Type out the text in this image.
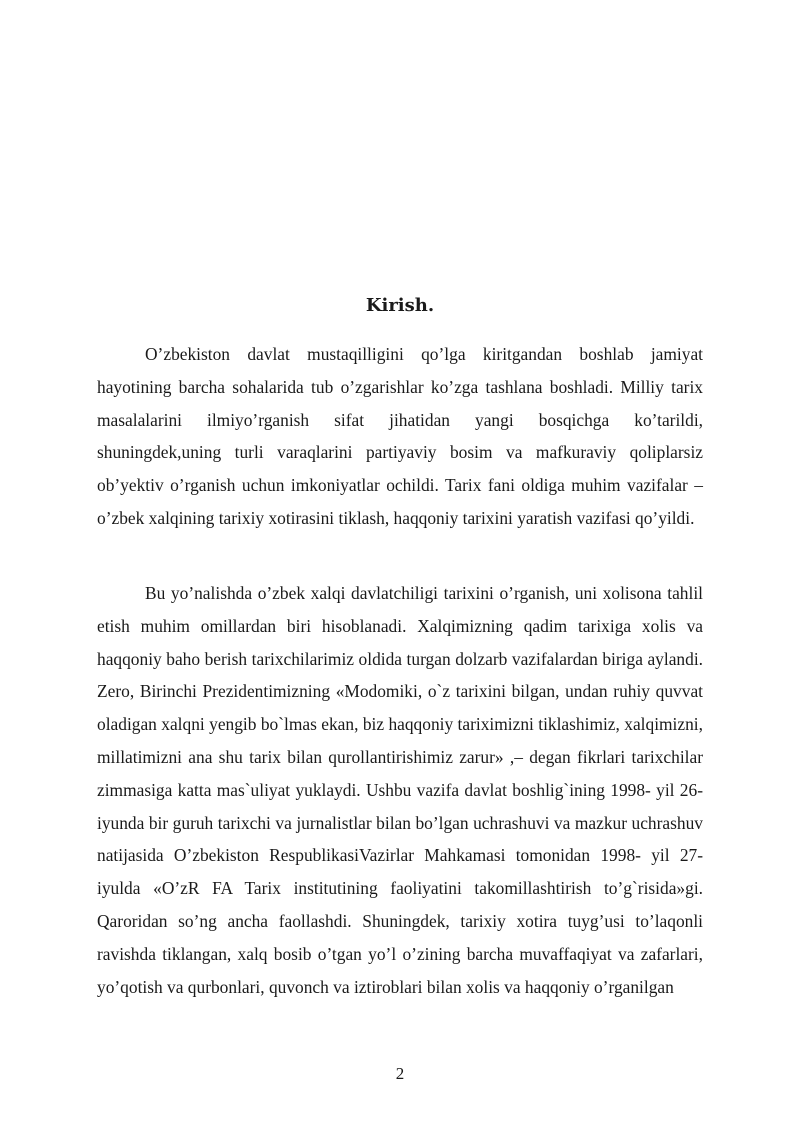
Kirish.

O’zbekiston davlat mustaqilligini qo’lga kiritgandan boshlab jamiyat hayotining barcha sohalarida tub o’zgarishlar ko’zga tashlana boshladi. Milliy tarix masalalarini ilmiyo’rganish sifat jihatidan yangi bosqichga ko’tarildi, shuningdek,uning turli varaqlarini partiyaviy bosim va mafkuraviy qoliplarsiz ob’yektiv o’rganish uchun imkoniyatlar ochildi. Tarix fani oldiga muhim vazifalar – o’zbek xalqining tarixiy xotirasini tiklash, haqqoniy tarixini yaratish vazifasi qo’yildi.

Bu yo’nalishda o’zbek xalqi davlatchiligi tarixini o’rganish, uni xolisona tahlil etish muhim omillardan biri hisoblanadi. Xalqimizning qadim tarixiga xolis va haqqoniy baho berish tarixchilarimiz oldida turgan dolzarb vazifalardan biriga aylandi. Zero, Birinchi Prezidentimizning «Modomiki, o`z tarixini bilgan, undan ruhiy quvvat oladigan xalqni yengib bo`lmas ekan, biz haqqoniy tariximizni tiklashimiz, xalqimizni, millatimizni ana shu tarix bilan qurollantirishimiz zarur» ,– degan fikrlari tarixchilar zimmasiga katta mas`uliyat yuklaydi. Ushbu vazifa davlat boshlig`ining 1998- yil 26- iyunda bir guruh tarixchi va jurnalistlar bilan bo’lgan uchrashuvi va mazkur uchrashuv natijasida O’zbekiston RespublikasiVazirlar Mahkamasi tomonidan 1998- yil 27- iyulda «O’zR FA Tarix institutining faoliyatini takomillashtirish to’g`risida»gi. Qaroridan so’ng ancha faollashdi. Shuningdek, tarixiy xotira tuyg’usi to’laqonli ravishda tiklangan, xalq bosib o’tgan yo’l o’zining barcha muvaffaqiyat va zafarlari, yo’qotish va qurbonlari, quvonch va iztiroblari bilan xolis va haqqoniy o’rganilgan

2
